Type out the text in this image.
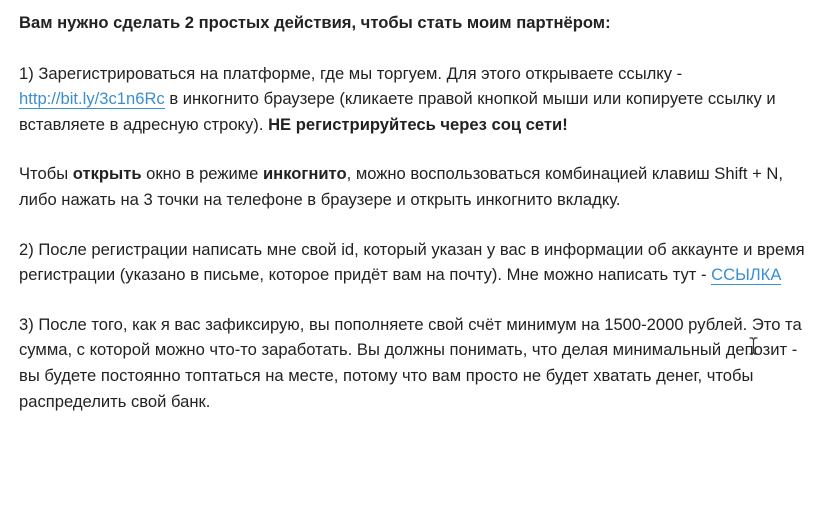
Вам нужно сделать 2 простых действия, чтобы стать моим партнёром:

1) Зарегистрироваться на платформе, где мы торгуем. Для этого открываете ссылку - http://bit.ly/3c1n6Rc в инкогнито браузере (кликаете правой кнопкой мыши или копируете ссылку и вставляете в адресную строку). НЕ регистрируйтесь через соц сети!

Чтобы открыть окно в режиме инкогнито, можно воспользоваться комбинацией клавиш Shift + N, либо нажать на 3 точки на телефоне в браузере и открыть инкогнито вкладку.

2) После регистрации написать мне свой id, который указан у вас в информации об аккаунте и время регистрации (указано в письме, которое придёт вам на почту). Мне можно написать тут - ССЫЛКА

3) После того, как я вас зафиксирую, вы пополняете свой счёт минимум на 1500-2000 рублей. Это та сумма, с которой можно что-то заработать. Вы должны понимать, что делая минимальный депозит - вы будете постоянно топтаться на месте, потому что вам просто не будет хватать денег, чтобы распределить свой банк.
